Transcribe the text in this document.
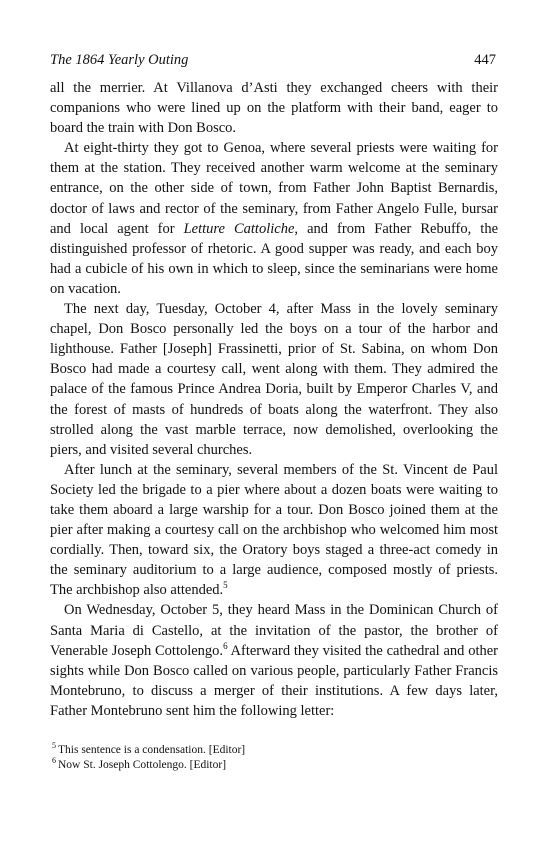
The 1864 Yearly Outing	447

all the merrier. At Villanova d’Asti they exchanged cheers with their companions who were lined up on the platform with their band, eager to board the train with Don Bosco.

At eight-thirty they got to Genoa, where several priests were waiting for them at the station. They received another warm welcome at the seminary entrance, on the other side of town, from Father John Baptist Bernardis, doctor of laws and rector of the seminary, from Father Angelo Fulle, bursar and local agent for Letture Cattoliche, and from Father Rebuffo, the distinguished professor of rhetoric. A good supper was ready, and each boy had a cubicle of his own in which to sleep, since the seminarians were home on vacation.

The next day, Tuesday, October 4, after Mass in the lovely seminary chapel, Don Bosco personally led the boys on a tour of the harbor and lighthouse. Father [Joseph] Frassinetti, prior of St. Sabina, on whom Don Bosco had made a courtesy call, went along with them. They admired the palace of the famous Prince Andrea Doria, built by Emperor Charles V, and the forest of masts of hundreds of boats along the waterfront. They also strolled along the vast marble terrace, now demolished, overlooking the piers, and visited several churches.

After lunch at the seminary, several members of the St. Vincent de Paul Society led the brigade to a pier where about a dozen boats were waiting to take them aboard a large warship for a tour. Don Bosco joined them at the pier after making a courtesy call on the archbishop who welcomed him most cordially. Then, toward six, the Oratory boys staged a three-act comedy in the seminary auditorium to a large audience, composed mostly of priests. The archbishop also attended.$^5$

On Wednesday, October 5, they heard Mass in the Dominican Church of Santa Maria di Castello, at the invitation of the pastor, the brother of Venerable Joseph Cottolengo.$^6$ Afterward they visited the cathedral and other sights while Don Bosco called on various people, particularly Father Francis Montebruno, to discuss a merger of their institutions. A few days later, Father Montebruno sent him the following letter:

$^5$ This sentence is a condensation. [Editor]
$^6$ Now St. Joseph Cottolengo. [Editor]
